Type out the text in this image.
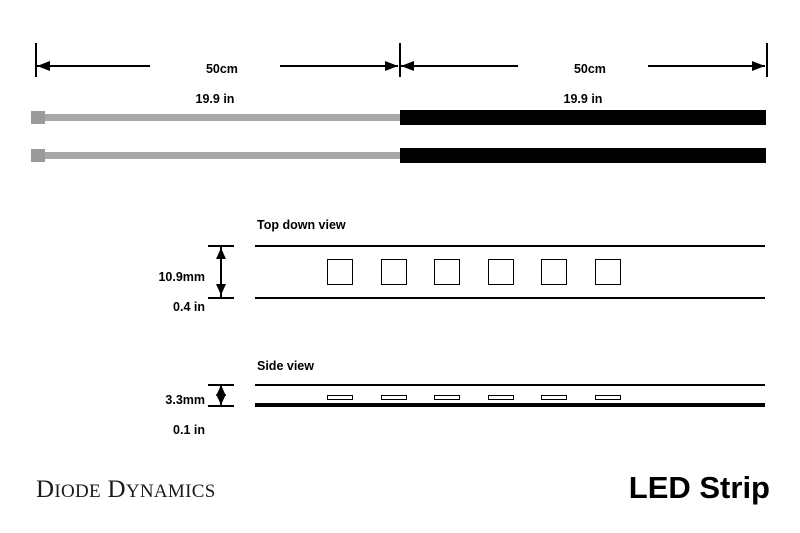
50cm

19.9 in

50cm

19.9 in

Top down view

10.9mm

0.4 in

Side view

3.3mm

0.1 in

DIODE DYNAMICS	LED Strip
